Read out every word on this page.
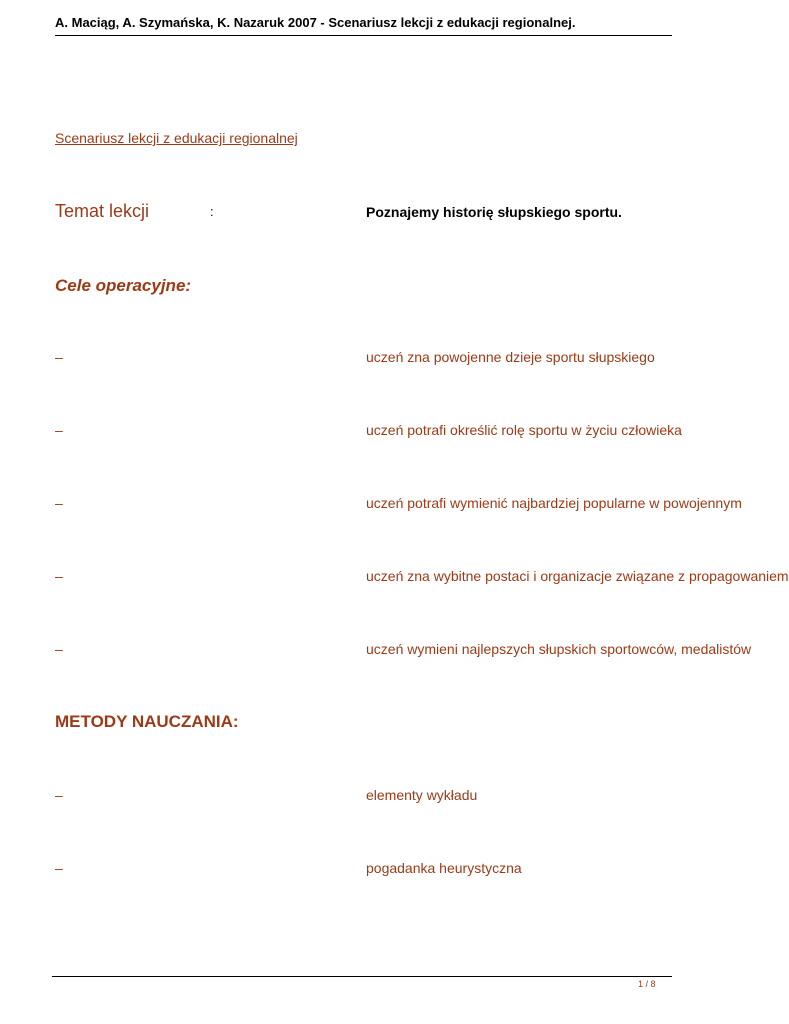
A. Maciąg, A. Szymańska, K. Nazaruk 2007 - Scenariusz lekcji z edukacji regionalnej.
Scenariusz lekcji z edukacji regionalnej
Temat lekcji	:	Poznajemy historię słupskiego sportu.
Cele operacyjne:
–	uczeń zna powojenne dzieje sportu słupskiego
–	uczeń potrafi określić rolę sportu w życiu człowieka
–	uczeń potrafi wymienić najbardziej popularne w powojennym
–	uczeń zna wybitne postaci i organizacje związane z propagowaniem
–	uczeń wymieni najlepszych słupskich sportowców, medalistów
METODY NAUCZANIA:
–	elementy wykładu
–	pogadanka heurystyczna
1 / 8
